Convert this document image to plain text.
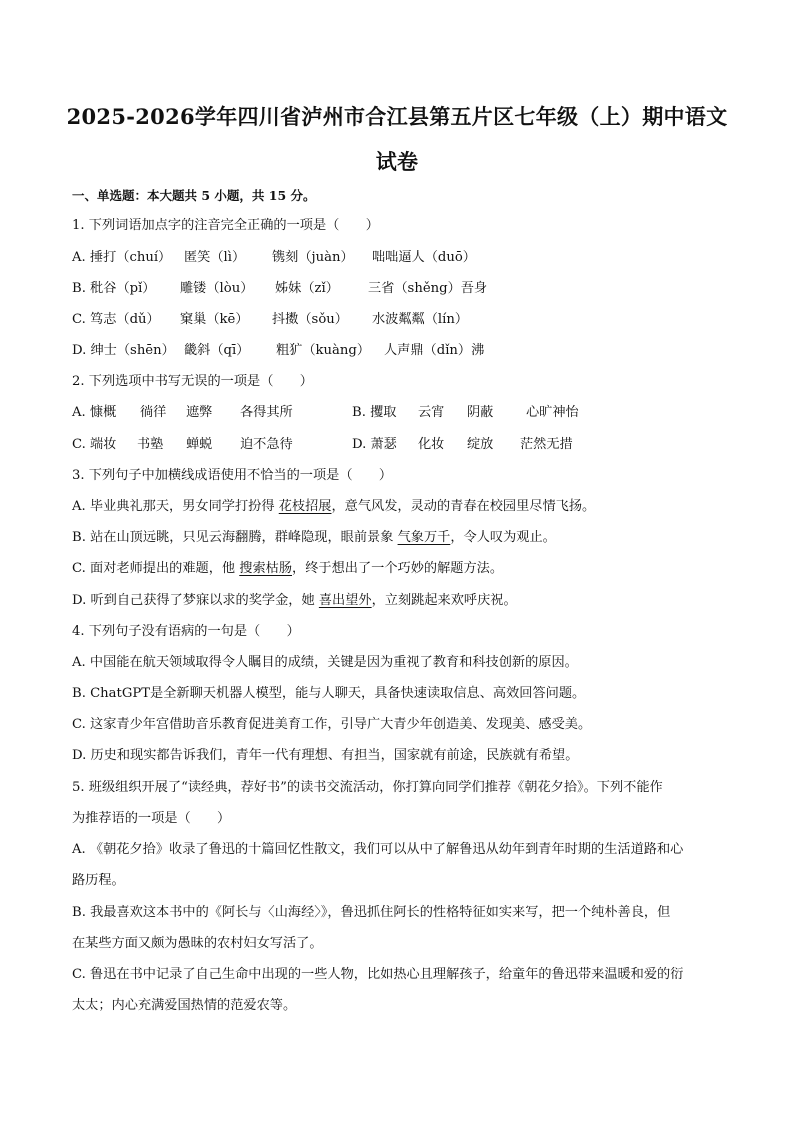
2025-2026学年四川省泸州市合江县第五片区七年级（上）期中语文
试卷
一、单选题：本大题共 5 小题，共 15 分。
1. 下列词语加点字的注音完全正确的一项是（　　）
A. 捶打（chuí） 匿笑（lì） 镌刻（juàn） 咄咄逼人（duō）
B. 秕谷（pǐ） 雕镂（lòu） 姊妹（zǐ） 三省（shěng）吾身
C. 笃志（dǔ） 窠巢（kē） 抖擞（sǒu） 水波粼粼（lín）
D. 绅士（shēn） 畿斜（qī） 粗犷（kuàng） 人声鼎（dǐn）沸
2. 下列选项中书写无误的一项是（　　）
A. 慷概 徜徉 遮弊 各得其所	B. 攫取 云宵 阴蔽 心旷神怡
C. 端妆 书塾 蝉蜕 迫不急待	D. 萧瑟 化妆 绽放 茫然无措
3. 下列句子中加横线成语使用不恰当的一项是（　　）
A. 毕业典礼那天，男女同学打扮得 花枝招展，意气风发，灵动的青春在校园里尽情飞扬。
B. 站在山顶远眺，只见云海翻腾，群峰隐现，眼前景象 气象万千，令人叹为观止。
C. 面对老师提出的难题，他 搜索枯肠，终于想出了一个巧妙的解题方法。
D. 听到自己获得了梦寐以求的奖学金，她 喜出望外，立刻跳起来欢呼庆祝。
4. 下列句子没有语病的一句是（　　）
A. 中国能在航天领域取得令人瞩目的成绩，关键是因为重视了教育和科技创新的原因。
B. ChatGPT是全新聊天机器人模型，能与人聊天，具备快速读取信息、高效回答问题。
C. 这家青少年宫借助音乐教育促进美育工作，引导广大青少年创造美、发现美、感受美。
D. 历史和现实都告诉我们，青年一代有理想、有担当，国家就有前途，民族就有希望。
5. 班级组织开展了“读经典，荐好书”的读书交流活动，你打算向同学们推荐《朝花夕拾》。下列不能作
为推荐语的一项是（　　）
A. 《朝花夕拾》收录了鲁迅的十篇回忆性散文，我们可以从中了解鲁迅从幼年到青年时期的生活道路和心
路历程。
B. 我最喜欢这本书中的《阿长与〈山海经〉》，鲁迅抓住阿长的性格特征如实来写，把一个纯朴善良，但
在某些方面又颇为愚昧的农村妇女写活了。
C. 鲁迅在书中记录了自己生命中出现的一些人物，比如热心且理解孩子，给童年的鲁迅带来温暖和爱的衍
太太；内心充满爱国热情的范爱农等。
